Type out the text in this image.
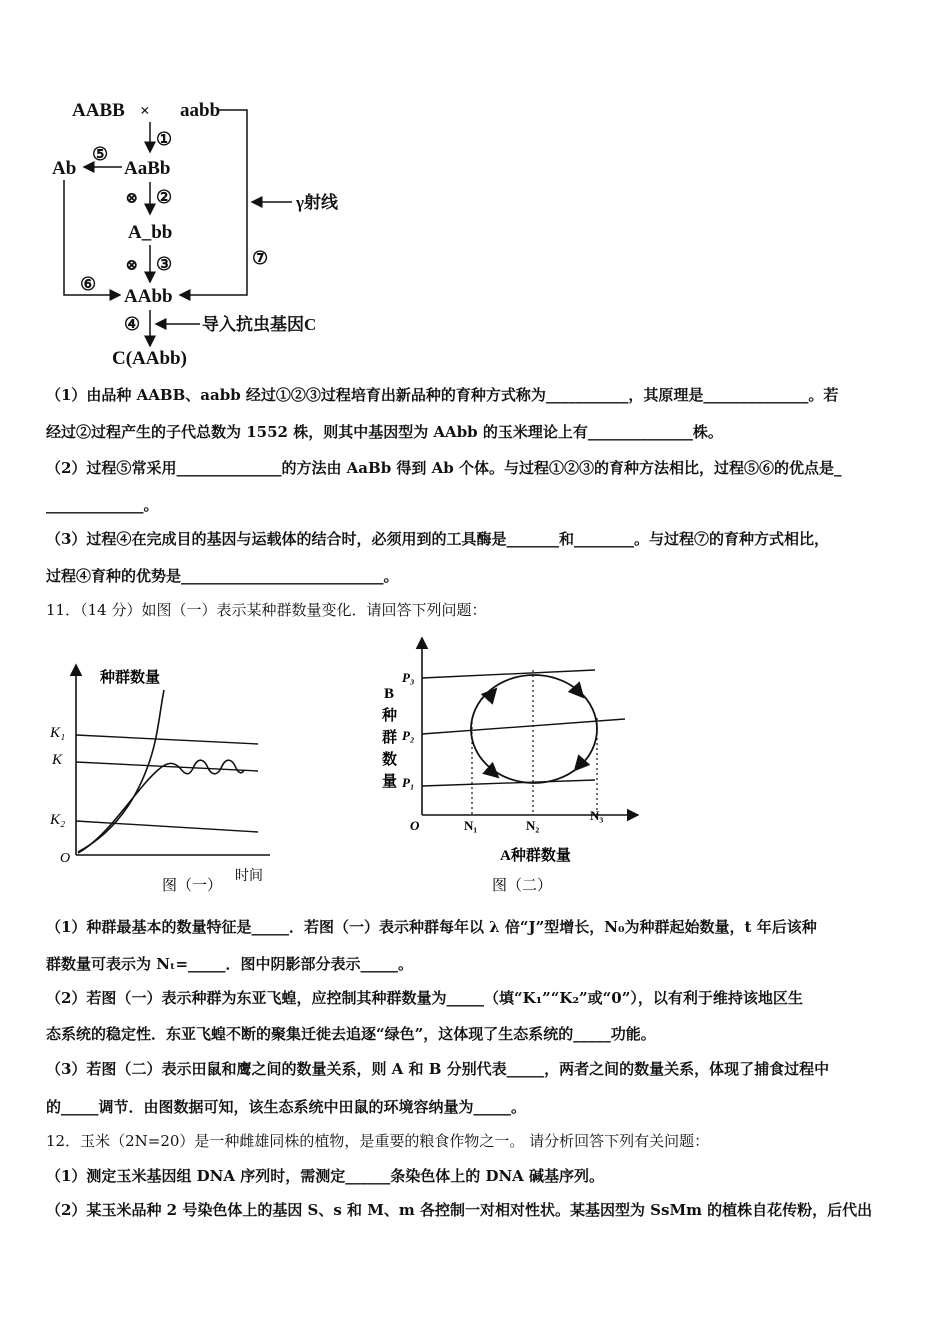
AABB × aabb
①
AaBb
⑤
Ab
⊗ ②
A_bb
⊗ ③
AAbb
⑥
⑦
γ射线
④	导入抗虫基因C
C(AAbb)
（1）由品种 AABB、aabb 经过①②③过程培育出新品种的育种方式称为___________，其原理是______________。若
经过②过程产生的子代总数为 1552 株，则其中基因型为 AAbb 的玉米理论上有______________株。
（2）过程⑤常采用______________的方法由 AaBb 得到 Ab 个体。与过程①②③的育种方法相比，过程⑤⑥的优点是_
_____________。
（3）过程④在完成目的基因与运载体的结合时，必须用到的工具酶是_______和________。与过程⑦的育种方式相比，
过程④育种的优势是___________________________。
11．（14 分）如图（一）表示某种群数量变化．请回答下列问题：
种群数量
K₁
K
K₂
O
时间
图（一）
B
种
群
数
量
P₃
P₂
P₁
O	N₁	N₂
N₃
A种群数量
图（二）
（1）种群最基本的数量特征是_____．若图（一）表示种群每年以 λ 倍“J”型增长，N₀为种群起始数量，t 年后该种
群数量可表示为 Nₜ=_____．图中阴影部分表示_____。
（2）若图（一）表示种群为东亚飞蝗，应控制其种群数量为_____（填“K₁”“K₂”或“0”），以有利于维持该地区生
态系统的稳定性．东亚飞蝗不断的聚集迁徙去追逐“绿色”，这体现了生态系统的_____功能。
（3）若图（二）表示田鼠和鹰之间的数量关系，则 A 和 B 分别代表_____，两者之间的数量关系，体现了捕食过程中
的_____调节．由图数据可知，该生态系统中田鼠的环境容纳量为_____。
12．玉米（2N=20）是一种雌雄同株的植物，是重要的粮食作物之一。 请分析回答下列有关问题：
（1）测定玉米基因组 DNA 序列时，需测定______条染色体上的 DNA 碱基序列。
（2）某玉米品种 2 号染色体上的基因 S、s 和 M、m 各控制一对相对性状。某基因型为 SsMm 的植株自花传粉，后代出
